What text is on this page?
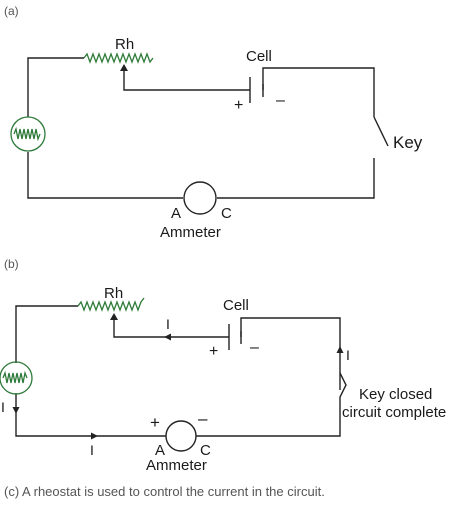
(a)
Rh
Cell
+ –
Key
A	C
Ammeter
(b)
Rh
Cell
I
+ –	I
Key closed
circuit complete
I
I
+ –
A C
Ammeter
(c) A rheostat is used to control the current in the circuit.
